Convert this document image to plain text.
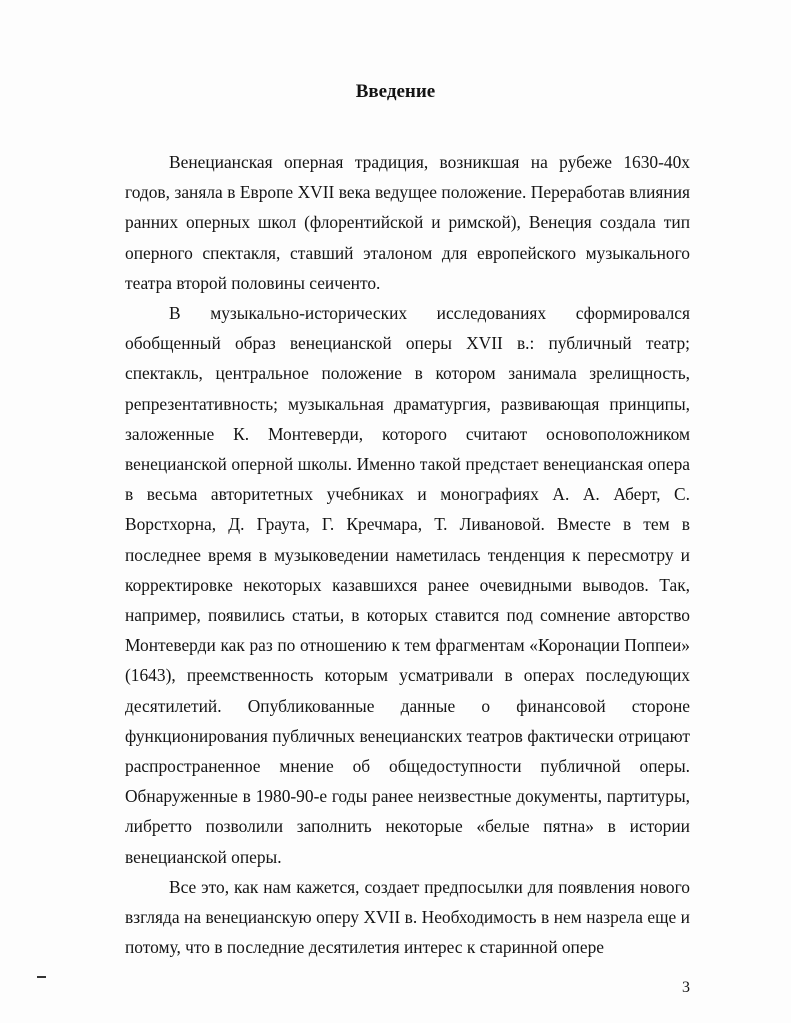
Введение

Венецианская оперная традиция, возникшая на рубеже 1630-40х годов, заняла в Европе XVII века ведущее положение. Переработав влияния ранних оперных школ (флорентийской и римской), Венеция создала тип оперного спектакля, ставший эталоном для европейского музыкального театра второй половины сеиченто.

В музыкально-исторических исследованиях сформировался обобщенный образ венецианской оперы XVII в.: публичный театр; спектакль, центральное положение в котором занимала зрелищность, репрезентативность; музыкальная драматургия, развивающая принципы, заложенные К. Монтеверди, которого считают основоположником венецианской оперной школы. Именно такой предстает венецианская опера в весьма авторитетных учебниках и монографиях А. А. Аберт, С. Ворстхорна, Д. Граута, Г. Кречмара, Т. Ливановой. Вместе в тем в последнее время в музыковедении наметилась тенденция к пересмотру и корректировке некоторых казавшихся ранее очевидными выводов. Так, например, появились статьи, в которых ставится под сомнение авторство Монтеверди как раз по отношению к тем фрагментам «Коронации Поппеи» (1643), преемственность которым усматривали в операх последующих десятилетий. Опубликованные данные о финансовой стороне функционирования публичных венецианских театров фактически отрицают распространенное мнение об общедоступности публичной оперы. Обнаруженные в 1980-90-е годы ранее неизвестные документы, партитуры, либретто позволили заполнить некоторые «белые пятна» в истории венецианской оперы.

Все это, как нам кажется, создает предпосылки для появления нового взгляда на венецианскую оперу XVII в. Необходимость в нем назрела еще и потому, что в последние десятилетия интерес к старинной опере

3
